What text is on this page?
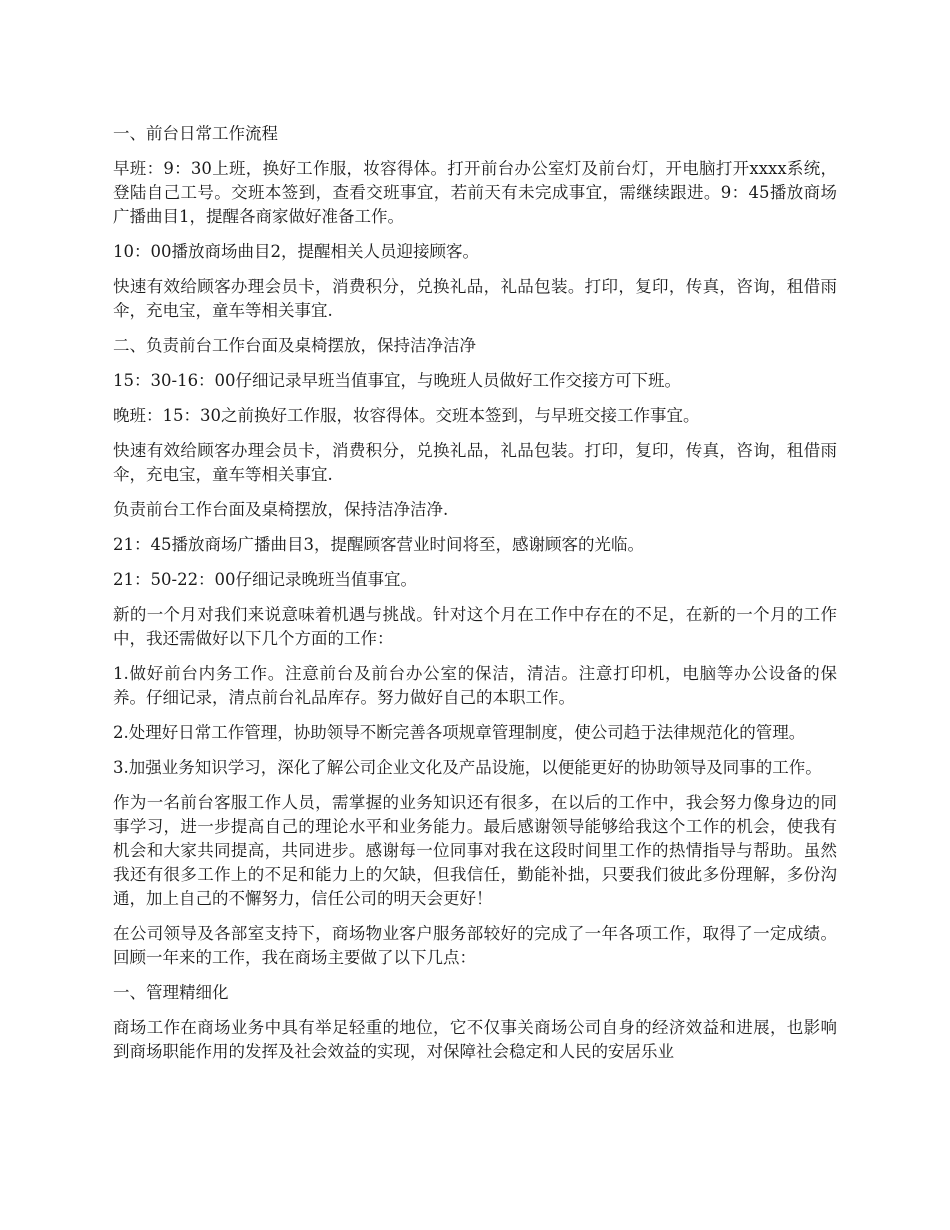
一、前台日常工作流程

早班：9：30上班，换好工作服，妆容得体。打开前台办公室灯及前台灯，开电脑打开xxxx系统，登陆自己工号。交班本签到，查看交班事宜，若前天有未完成事宜，需继续跟进。9：45播放商场广播曲目1，提醒各商家做好准备工作。

10：00播放商场曲目2，提醒相关人员迎接顾客。

快速有效给顾客办理会员卡，消费积分，兑换礼品，礼品包装。打印，复印，传真，咨询，租借雨伞，充电宝，童车等相关事宜.

二、负责前台工作台面及桌椅摆放，保持洁净洁净

15：30-16：00仔细记录早班当值事宜，与晚班人员做好工作交接方可下班。

晚班：15：30之前换好工作服，妆容得体。交班本签到，与早班交接工作事宜。

快速有效给顾客办理会员卡，消费积分，兑换礼品，礼品包装。打印，复印，传真，咨询，租借雨伞，充电宝，童车等相关事宜.

负责前台工作台面及桌椅摆放，保持洁净洁净.

21：45播放商场广播曲目3，提醒顾客营业时间将至，感谢顾客的光临。

21：50-22：00仔细记录晚班当值事宜。

新的一个月对我们来说意味着机遇与挑战。针对这个月在工作中存在的不足，在新的一个月的工作中，我还需做好以下几个方面的工作：

1.做好前台内务工作。注意前台及前台办公室的保洁，清洁。注意打印机，电脑等办公设备的保养。仔细记录，清点前台礼品库存。努力做好自己的本职工作。

2.处理好日常工作管理，协助领导不断完善各项规章管理制度，使公司趋于法律规范化的管理。

3.加强业务知识学习，深化了解公司企业文化及产品设施，以便能更好的协助领导及同事的工作。

作为一名前台客服工作人员，需掌握的业务知识还有很多，在以后的工作中，我会努力像身边的同事学习，进一步提高自己的理论水平和业务能力。最后感谢领导能够给我这个工作的机会，使我有机会和大家共同提高，共同进步。感谢每一位同事对我在这段时间里工作的热情指导与帮助。虽然我还有很多工作上的不足和能力上的欠缺，但我信任，勤能补拙，只要我们彼此多份理解，多份沟通，加上自己的不懈努力，信任公司的明天会更好！

在公司领导及各部室支持下，商场物业客户服务部较好的完成了一年各项工作，取得了一定成绩。回顾一年来的工作，我在商场主要做了以下几点：

一、管理精细化

商场工作在商场业务中具有举足轻重的地位，它不仅事关商场公司自身的经济效益和进展，也影响到商场职能作用的发挥及社会效益的实现，对保障社会稳定和人民的安居乐业
